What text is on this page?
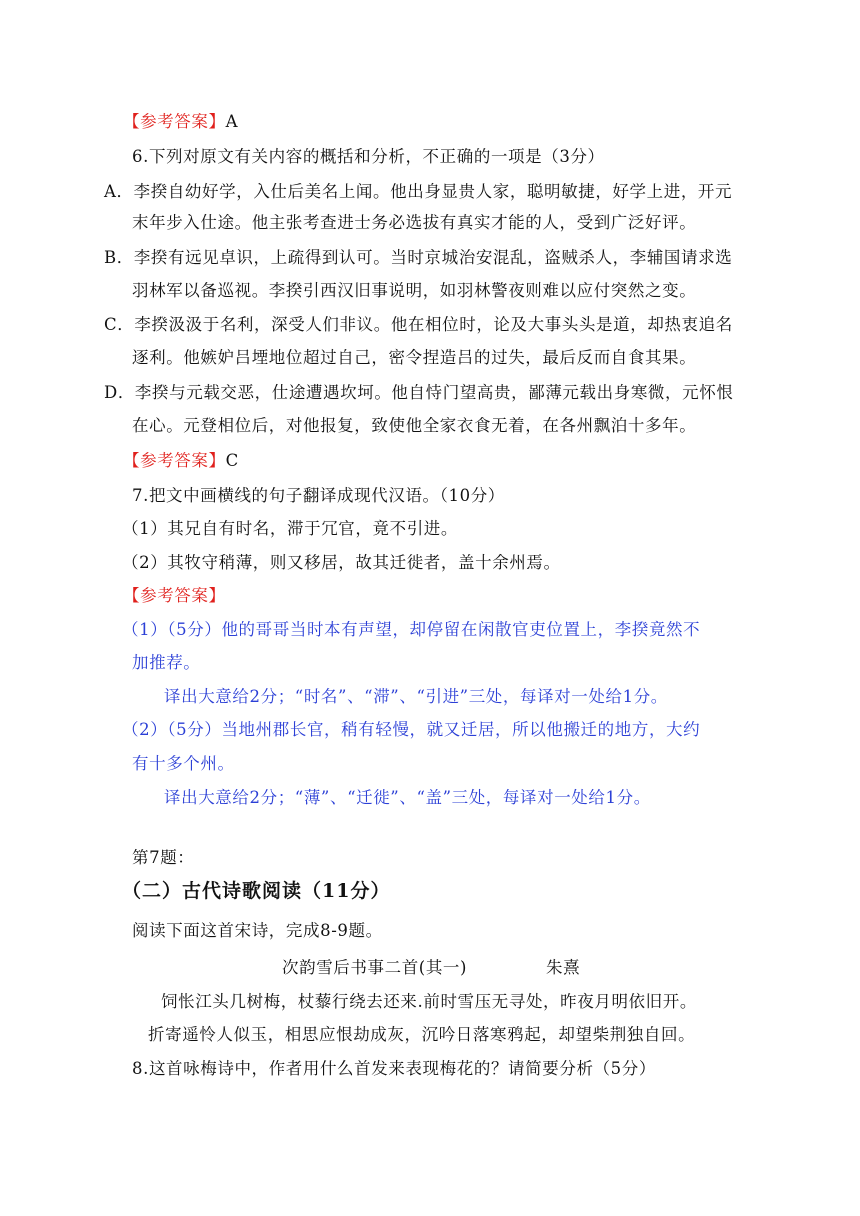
【参考答案】A
6.下列对原文有关内容的概括和分析，不正确的一项是（3分）
A．李揆自幼好学，入仕后美名上闻。他出身显贵人家，聪明敏捷，好学上进，开元
末年步入仕途。他主张考查进士务必选拔有真实才能的人，受到广泛好评。
B．李揆有远见卓识，上疏得到认可。当时京城治安混乱，盗贼杀人，李辅国请求选
羽林军以备巡视。李揆引西汉旧事说明，如羽林警夜则难以应付突然之变。
C．李揆汲汲于名利，深受人们非议。他在相位时，论及大事头头是道，却热衷追名
逐利。他嫉妒吕堙地位超过自己，密令捏造吕的过失，最后反而自食其果。
D．李揆与元载交恶，仕途遭遇坎坷。他自恃门望高贵，鄙薄元载出身寒微，元怀恨
在心。元登相位后，对他报复，致使他全家衣食无着，在各州飘泊十多年。
【参考答案】C
7.把文中画横线的句子翻译成现代汉语。（10分）
（1）其兄自有时名，滞于冗官，竟不引进。
（2）其牧守稍薄，则又移居，故其迁徙者，盖十余州焉。
【参考答案】
（1）（5分）他的哥哥当时本有声望，却停留在闲散官吏位置上，李揆竟然不
加推荐。
译出大意给2分；“时名”、“滞”、“引进”三处，每译对一处给1分。
（2）（5分）当地州郡长官，稍有轻慢，就又迁居，所以他搬迁的地方，大约
有十多个州。
译出大意给2分；“薄”、“迁徙”、“盖”三处，每译对一处给1分。
第7题：
（二）古代诗歌阅读（11分）
阅读下面这首宋诗，完成8-9题。
次韵雪后书事二首(其一)	朱熹
饲怅江头几树梅，杖藜行绕去还来.前时雪压无寻处，昨夜月明依旧开。
折寄遥怜人似玉，相思应恨劫成灰，沉吟日落寒鸦起，却望柴荆独自回。
8.这首咏梅诗中，作者用什么首发来表现梅花的？请简要分析（5分）
